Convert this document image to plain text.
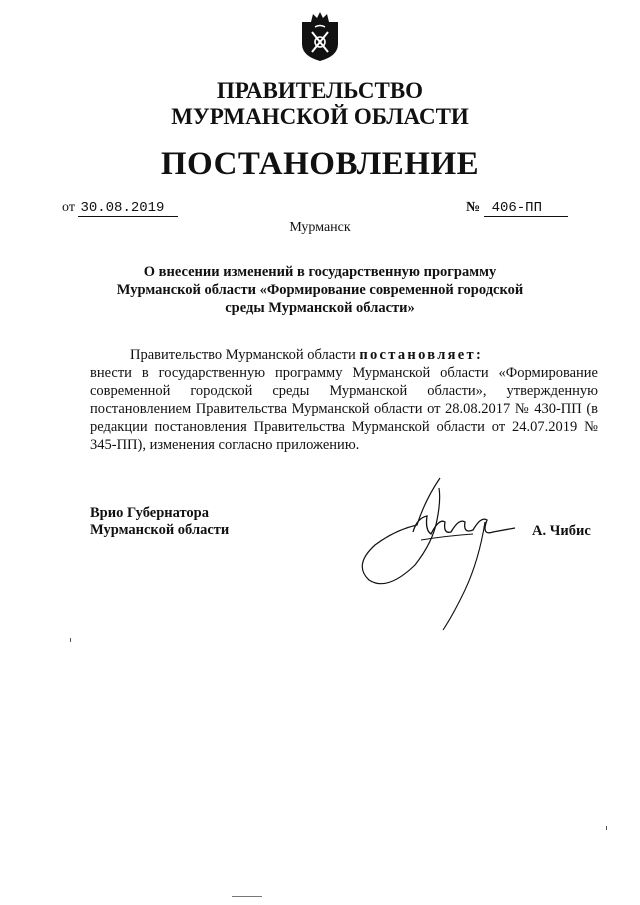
ПРАВИТЕЛЬСТВО
МУРМАНСКОЙ ОБЛАСТИ
ПОСТАНОВЛЕНИЕ
от 30.08.2019	№ 406-ПП
Мурманск
О внесении изменений в государственную программу
Мурманской области «Формирование современной городской
среды Мурманской области»

Правительство Мурманской области постановляет:

внести в государственную программу Мурманской области «Формирование современной городской среды Мурманской области», утвержденную постановлением Правительства Мурманской области от 28.08.2017 № 430-ПП (в редакции постановления Правительства Мурманской области от 24.07.2019 № 345-ПП), изменения согласно приложению.

Врио Губернатора
Мурманской области	А. Чибис
